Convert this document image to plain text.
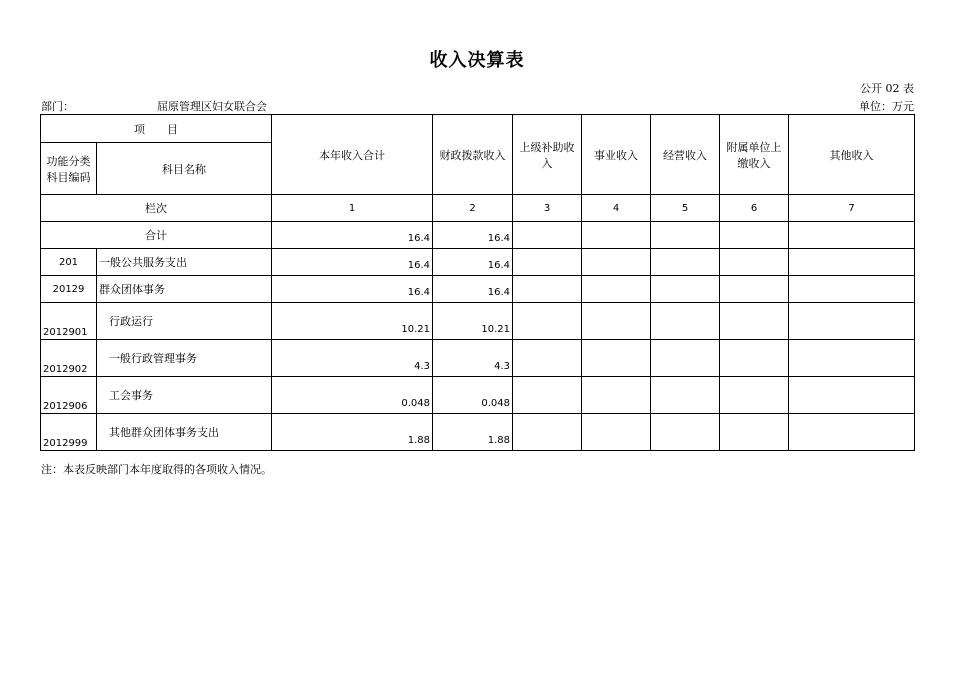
收入决算表
公开 02 表
部门：	屈原管理区妇女联合会	单位：万元
项　　目		本年收入合计	财政拨款收入	上级补助收入	事业收入	经营收入	附属单位上缴收入	其他收入
功能分类科目编码	科目名称							
栏次		1	2	3	4	5	6	7
合计		16.4	16.4					
201	一般公共服务支出	16.4	16.4					
20129	群众团体事务	16.4	16.4					
2012901	行政运行	10.21	10.21					
2012902	一般行政管理事务	4.3	4.3					
2012906	工会事务	0.048	0.048					
2012999	其他群众团体事务支出	1.88	1.88					
注：本表反映部门本年度取得的各项收入情况。
